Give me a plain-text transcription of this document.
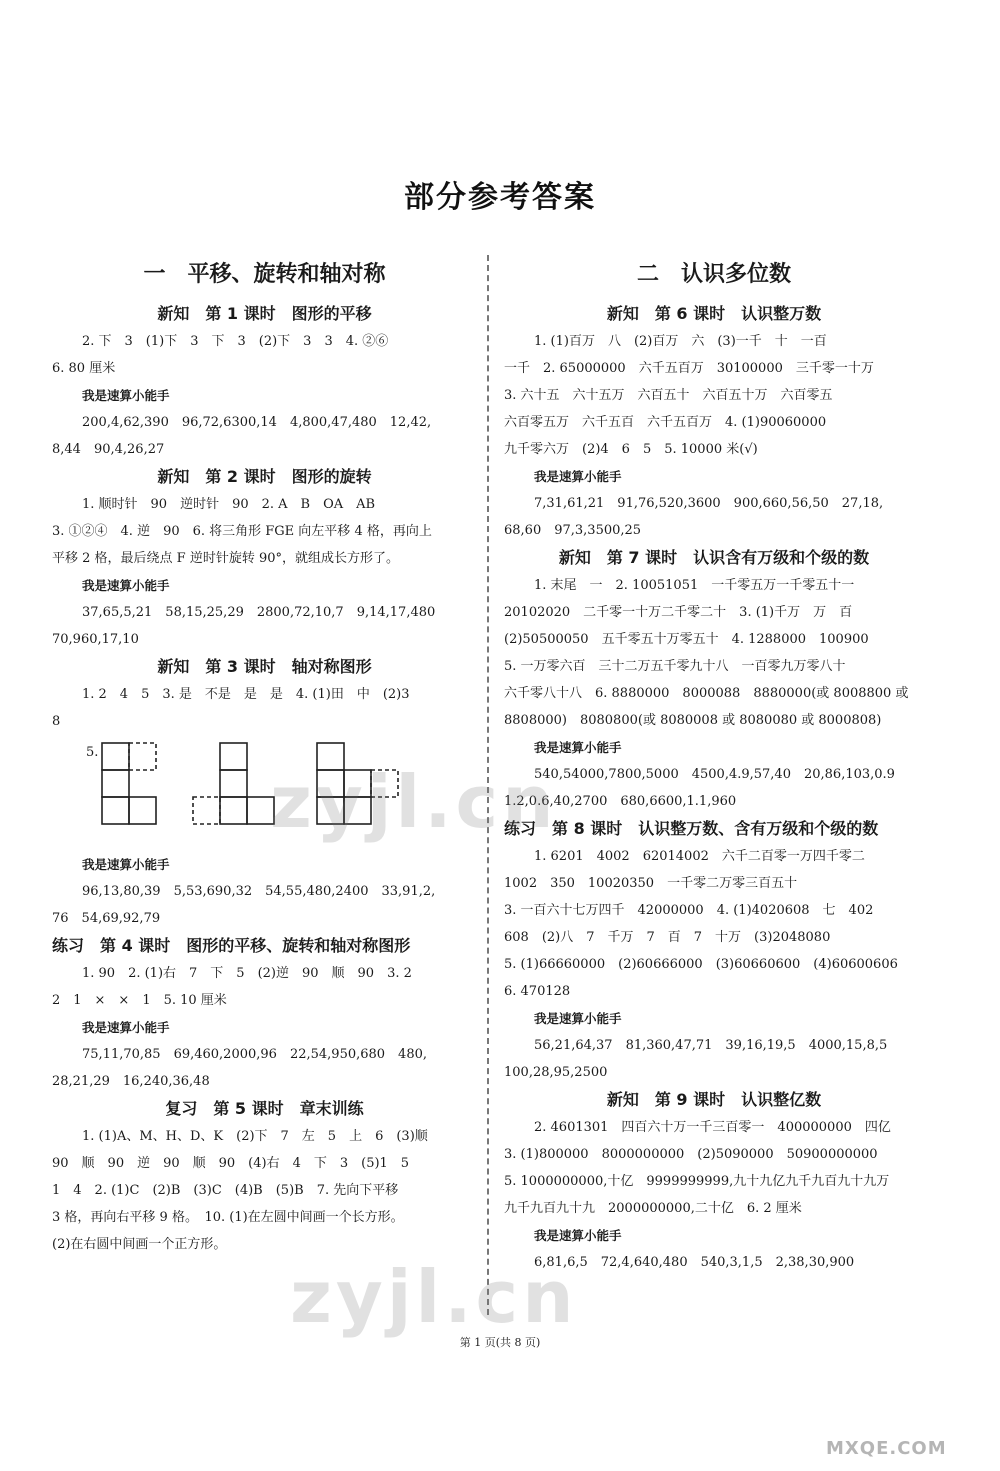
部分参考答案
一　平移、旋转和轴对称
新知　第 1 课时　图形的平移
2. 下　3　(1)下　3　下　3　(2)下　3　3　4. ②⑥
6. 80 厘米
我是速算小能手
200,4,62,390　96,72,6300,14　4,800,47,480　12,42,
8,44　90,4,26,27
新知　第 2 课时　图形的旋转
1. 顺时针　90　逆时针　90　2. A　B　OA　AB
3. ①②④　4. 逆　90　6. 将三角形 FGE 向左平移 4 格，再向上
平移 2 格，最后绕点 F 逆时针旋转 90°，就组成长方形了。
我是速算小能手
37,65,5,21　58,15,25,29　2800,72,10,7　9,14,17,480
70,960,17,10
新知　第 3 课时　轴对称图形
1. 2　4　5　3. 是　不是　是　是　4. (1)田　中　(2)3
8
5.
我是速算小能手
96,13,80,39　5,53,690,32　54,55,480,2400　33,91,2,
76　54,69,92,79
练习　第 4 课时　图形的平移、旋转和轴对称图形
1. 90　2. (1)右　7　下　5　(2)逆　90　顺　90　3. 2
2　1　×　×　1　5. 10 厘米
我是速算小能手
75,11,70,85　69,460,2000,96　22,54,950,680　480,
28,21,29　16,240,36,48
复习　第 5 课时　章末训练
1. (1)A、M、H、D、K　(2)下　7　左　5　上　6　(3)顺
90　顺　90　逆　90　顺　90　(4)右　4　下　3　(5)1　5
1　4　2. (1)C　(2)B　(3)C　(4)B　(5)B　7. 先向下平移
3 格，再向右平移 9 格。　10. (1)在左圆中间画一个长方形。
(2)在右圆中间画一个正方形。
二　认识多位数
新知　第 6 课时　认识整万数
1. (1)百万　八　(2)百万　六　(3)一千　十　一百
一千　2. 65000000　六千五百万　30100000　三千零一十万
3. 六十五　六十五万　六百五十　六百五十万　六百零五
六百零五万　六千五百　六千五百万　4. (1)90060000
九千零六万　(2)4　6　5　5. 10000 米(√)
我是速算小能手
7,31,61,21　91,76,520,3600　900,660,56,50　27,18,
68,60　97,3,3500,25
新知　第 7 课时　认识含有万级和个级的数
1. 末尾　一　2. 10051051　一千零五万一千零五十一
20102020　二千零一十万二千零二十　3. (1)千万　万　百
(2)50500050　五千零五十万零五十　4. 1288000　100900
5. 一万零六百　三十二万五千零九十八　一百零九万零八十
六千零八十八　6. 8880000　8000088　8880000(或 8008800 或
8808000)　8080800(或 8080008 或 8080080 或 8000808)
我是速算小能手
540,54000,7800,5000　4500,4.9,57,40　20,86,103,0.9
1.2,0.6,40,2700　680,6600,1.1,960
练习　第 8 课时　认识整万数、含有万级和个级的数
1. 6201　4002　62014002　六千二百零一万四千零二
1002　350　10020350　一千零二万零三百五十
3. 一百六十七万四千　42000000　4. (1)4020608　七　402
608　(2)八　7　千万　7　百　7　十万　(3)2048080
5. (1)66660000　(2)60666000　(3)60660600　(4)60600606
6. 470128
我是速算小能手
56,21,64,37　81,360,47,71　39,16,19,5　4000,15,8,5
100,28,95,2500
新知　第 9 课时　认识整亿数
2. 4601301　四百六十万一千三百零一　400000000　四亿
3. (1)800000　8000000000　(2)5090000　50900000000
5. 1000000000,十亿　9999999999,九十九亿九千九百九十九万
九千九百九十九　2000000000,二十亿　6. 2 厘米
我是速算小能手
6,81,6,5　72,4,640,480　540,3,1,5　2,38,30,900
zyjl.cn
zyjl.cn
MXQE.COM
第 1 页(共 8 页)
